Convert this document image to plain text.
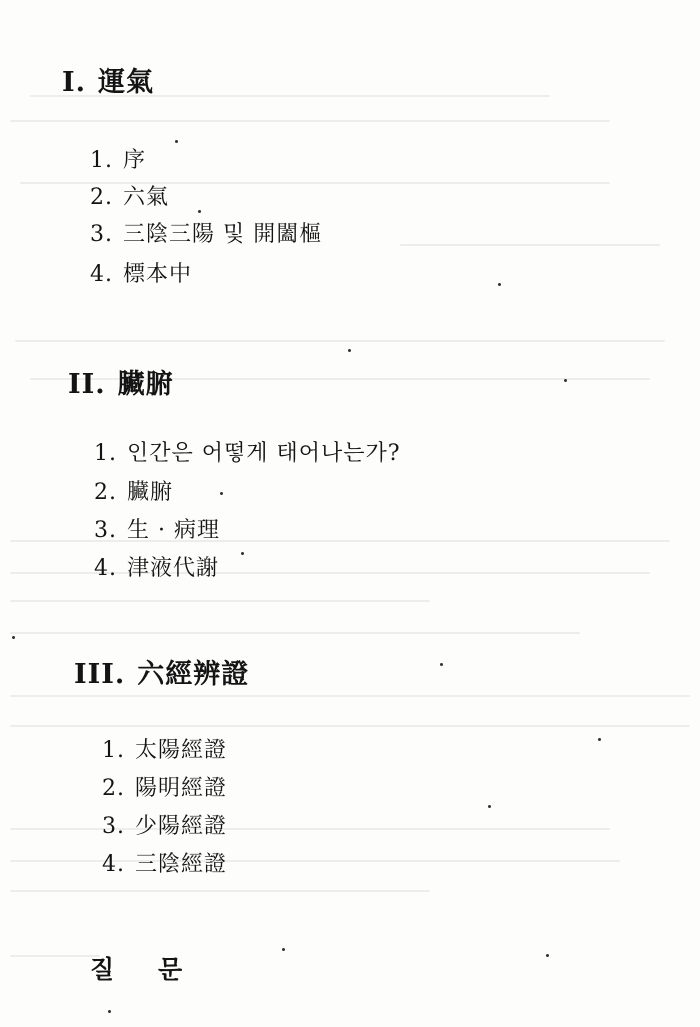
I. 運氣
1. 序
2. 六氣
3. 三陰三陽 및 開闔樞
4. 標本中
II. 臟腑
1. 인간은 어떻게 태어나는가?
2. 臟腑
3. 生 · 病理
4. 津液代謝
III. 六經辨證
1. 太陽經證
2. 陽明經證
3. 少陽經證
4. 三陰經證
질 문
